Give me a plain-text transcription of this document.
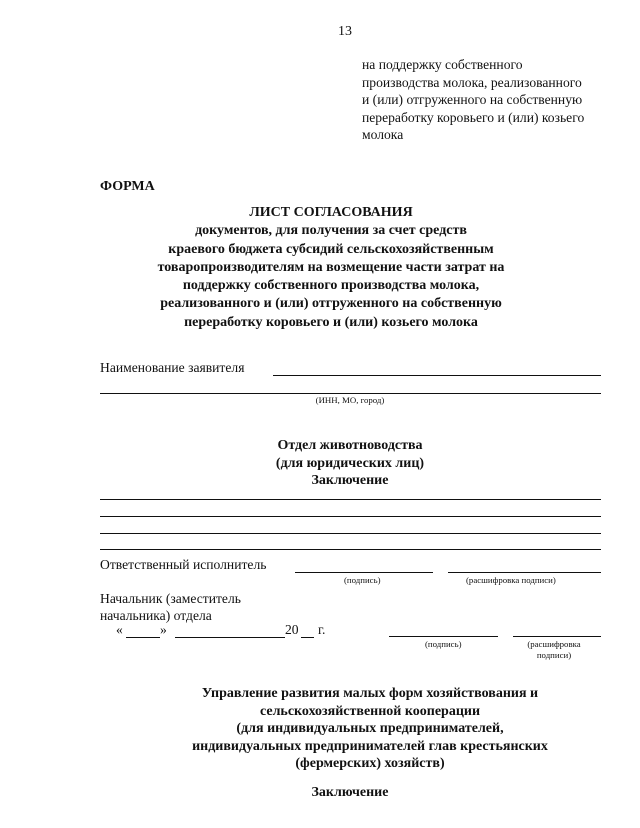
13
на поддержку собственного
производства молока, реализованного
и (или) отгруженного на собственную
переработку коровьего и (или) козьего
молока
ФОРМА
ЛИСТ СОГЛАСОВАНИЯ
документов, для получения за счет средств
краевого бюджета субсидий сельскохозяйственным
товаропроизводителям на возмещение части затрат на
поддержку собственного производства молока,
реализованного и (или) отгруженного на собственную
переработку коровьего и (или) козьего молока
Наименование заявителя
(ИНН, МО, город)
Отдел животноводства
(для юридических лиц)
Заключение
Ответственный исполнитель
(подпись)	(расшифровка подписи)
Начальник (заместитель
начальника) отдела
«	»	20 г.
(подпись)	(расшифровка
подписи)
Управление развития малых форм хозяйствования и
сельскохозяйственной кооперации
(для индивидуальных предпринимателей,
индивидуальных предпринимателей глав крестьянских
(фермерских) хозяйств)
Заключение
